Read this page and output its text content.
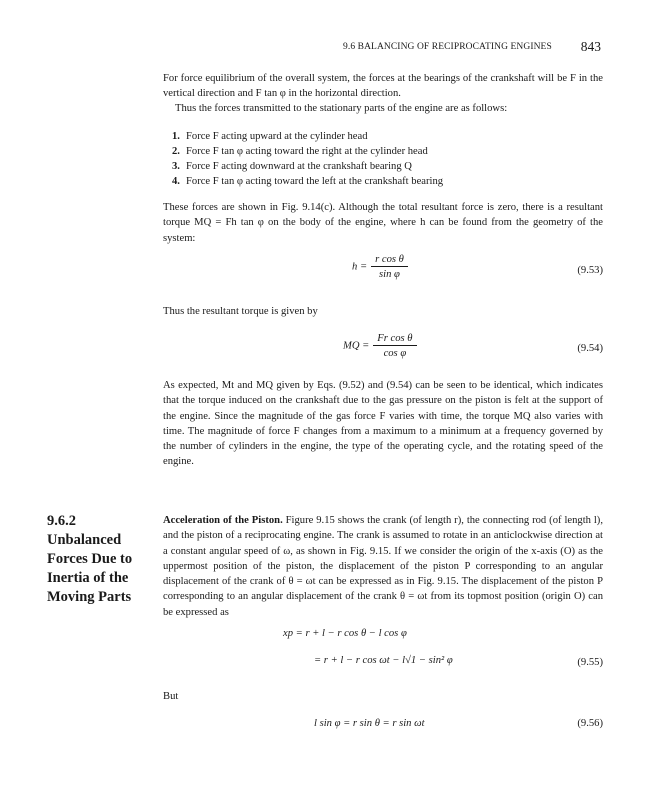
9.6 BALANCING OF RECIPROCATING ENGINES 843
For force equilibrium of the overall system, the forces at the bearings of the crankshaft will be F in the vertical direction and F tan φ in the horizontal direction.
Thus the forces transmitted to the stationary parts of the engine are as follows:
1. Force F acting upward at the cylinder head
2. Force F tan φ acting toward the right at the cylinder head
3. Force F acting downward at the crankshaft bearing Q
4. Force F tan φ acting toward the left at the crankshaft bearing
These forces are shown in Fig. 9.14(c). Although the total resultant force is zero, there is a resultant torque MQ = Fh tan φ on the body of the engine, where h can be found from the geometry of the system:
$h = \frac{\text{r cos θ}}{\text{sin φ}}$	(9.53)
Thus the resultant torque is given by
MQ = $\frac{\text{Fr cos θ}}{\text{cos φ}}$	(9.54)
As expected, Mt and MQ given by Eqs. (9.52) and (9.54) can be seen to be identical, which indicates that the torque induced on the crankshaft due to the gas pressure on the piston is felt at the support of the engine. Since the magnitude of the gas force F varies with time, the torque MQ also varies with time. The magnitude of force F changes from a maximum to a minimum at a frequency governed by the number of cylinders in the engine, the type of the operating cycle, and the rotating speed of the engine.
9.6.2
Unbalanced Forces Due to Inertia of the Moving Parts
Acceleration of the Piston. Figure 9.15 shows the crank (of length r), the connecting rod (of length l), and the piston of a reciprocating engine. The crank is assumed to rotate in an anticlockwise direction at a constant angular speed of ω, as shown in Fig. 9.15. If we consider the origin of the x-axis (O) as the uppermost position of the piston, the displacement of the piston P corresponding to an angular displacement of the crank of θ = ωt can be expressed as in Fig. 9.15. The displacement of the piston P corresponding to an angular displacement of the crank θ = ωt from its topmost position (origin O) can be expressed as
xp = r + l − r cos θ − l cos φ
= r + l − r cos ωt − l√1 − sin² φ	(9.55)
But
l sin φ = r sin θ = r sin ωt	(9.56)
